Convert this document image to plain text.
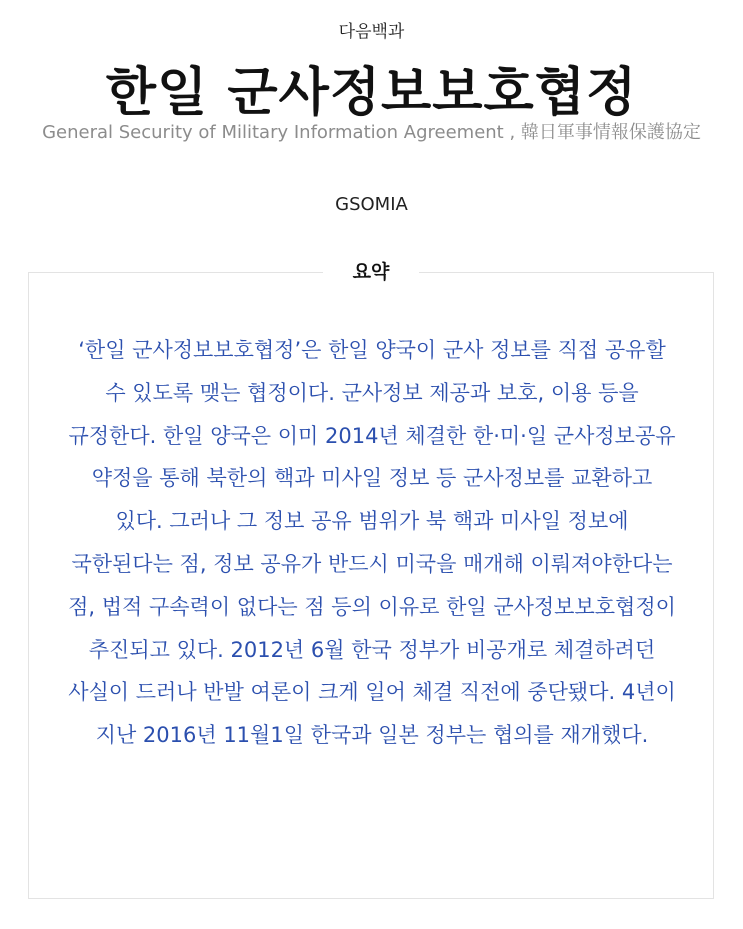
다음백과
한일 군사정보보호협정
General Security of Military Information Agreement , 韓日軍事情報保護協定
GSOMIA
요약

‘한일 군사정보보호협정’은 한일 양국이 군사 정보를 직접 공유할 수 있도록 맺는 협정이다. 군사정보 제공과 보호, 이용 등을 규정한다. 한일 양국은 이미 2014년 체결한 한·미·일 군사정보공유 약정을 통해 북한의 핵과 미사일 정보 등 군사정보를 교환하고 있다. 그러나 그 정보 공유 범위가 북 핵과 미사일 정보에 국한된다는 점, 정보 공유가 반드시 미국을 매개해 이뤄져야한다는 점, 법적 구속력이 없다는 점 등의 이유로 한일 군사정보보호협정이 추진되고 있다. 2012년 6월 한국 정부가 비공개로 체결하려던 사실이 드러나 반발 여론이 크게 일어 체결 직전에 중단됐다. 4년이 지난 2016년 11월1일 한국과 일본 정부는 협의를 재개했다.
